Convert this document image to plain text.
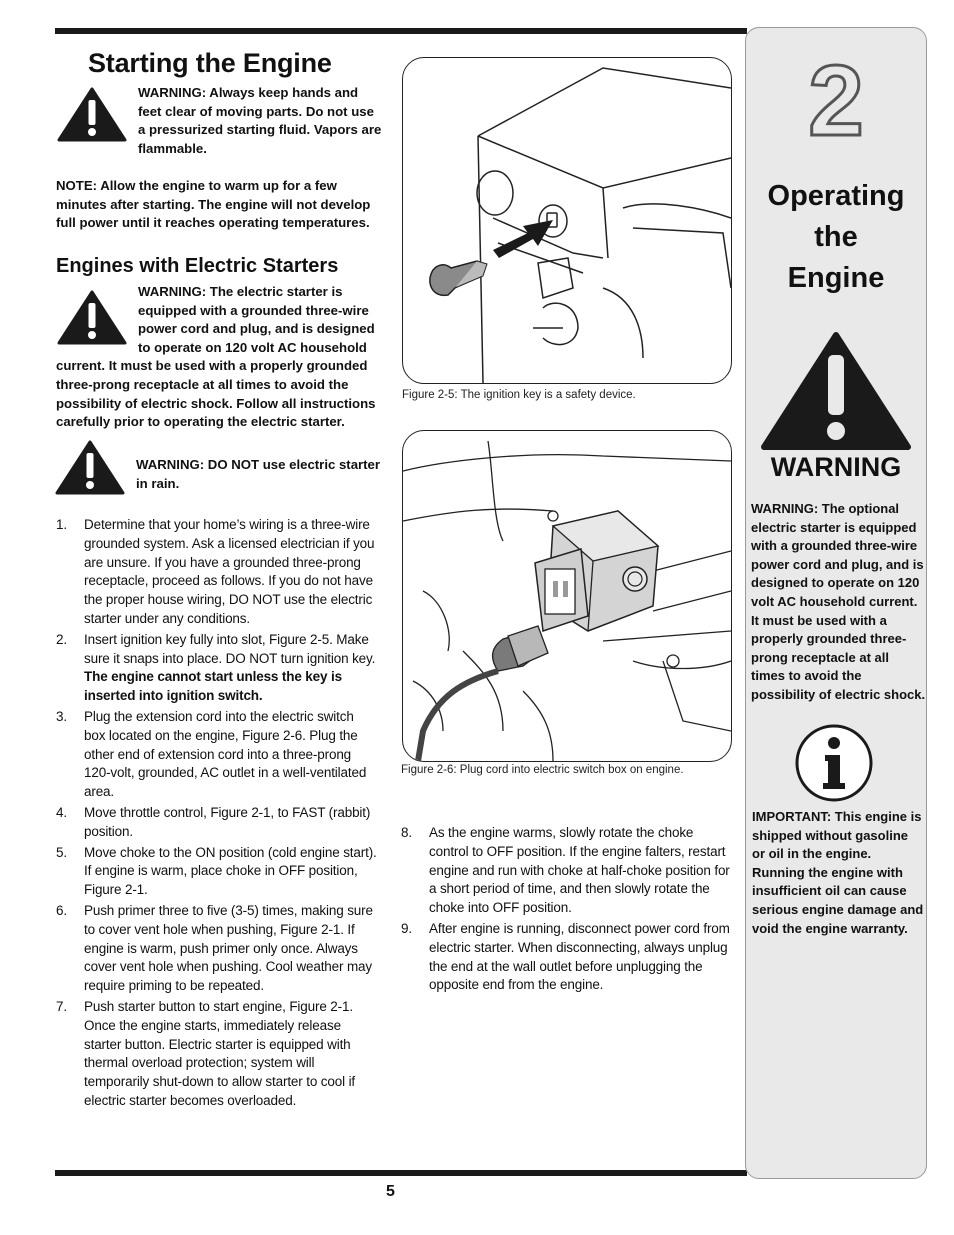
Starting the Engine
WARNING: Always keep hands and feet clear of moving parts. Do not use a pressurized starting fluid. Vapors are flammable.
NOTE: Allow the engine to warm up for a few minutes after starting. The engine will not develop full power until it reaches operating temperatures.
Engines with Electric Starters
WARNING: The electric starter is equipped with a grounded three-wire power cord and plug, and is designed to operate on 120 volt AC household current. It must be used with a properly grounded three-prong receptacle at all times to avoid the possibility of electric shock. Follow all instructions carefully prior to operating the electric starter.
WARNING: DO NOT use electric starter in rain.
1. Determine that your home’s wiring is a three-wire grounded system. Ask a licensed electrician if you are unsure. If you have a grounded three-prong receptacle, proceed as follows. If you do not have the proper house wiring, DO NOT use the electric starter under any conditions.
2. Insert ignition key fully into slot, Figure 2-5. Make sure it snaps into place. DO NOT turn ignition key. The engine cannot start unless the key is inserted into ignition switch.
3. Plug the extension cord into the electric switch box located on the engine, Figure 2-6. Plug the other end of extension cord into a three-prong 120-volt, grounded, AC outlet in a well-ventilated area.
4. Move throttle control, Figure 2-1, to FAST (rabbit) position.
5. Move choke to the ON position (cold engine start). If engine is warm, place choke in OFF position, Figure 2-1.
6. Push primer three to five (3-5) times, making sure to cover vent hole when pushing, Figure 2-1. If engine is warm, push primer only once. Always cover vent hole when pushing. Cool weather may require priming to be repeated.
7. Push starter button to start engine, Figure 2-1. Once the engine starts, immediately release starter button. Electric starter is equipped with thermal overload protection; system will temporarily shut-down to allow starter to cool if electric starter becomes overloaded.
Figure 2-5: The ignition key is a safety device.
Figure 2-6: Plug cord into electric switch box on engine.
8. As the engine warms, slowly rotate the choke control to OFF position. If the engine falters, restart engine and run with choke at half-choke position for a short period of time, and then slowly rotate the choke into OFF position.
9. After engine is running, disconnect power cord from electric starter. When disconnecting, always unplug the end at the wall outlet before unplugging the opposite end from the engine.
2
Operating
the
Engine
WARNING
WARNING: The optional electric starter is equipped with a grounded three-wire power cord and plug, and is designed to operate on 120 volt AC household current. It must be used with a properly grounded three-prong receptacle at all times to avoid the possibility of electric shock.
IMPORTANT: This engine is shipped without gasoline or oil in the engine. Running the engine with insufficient oil can cause serious engine damage and void the engine warranty.
5
